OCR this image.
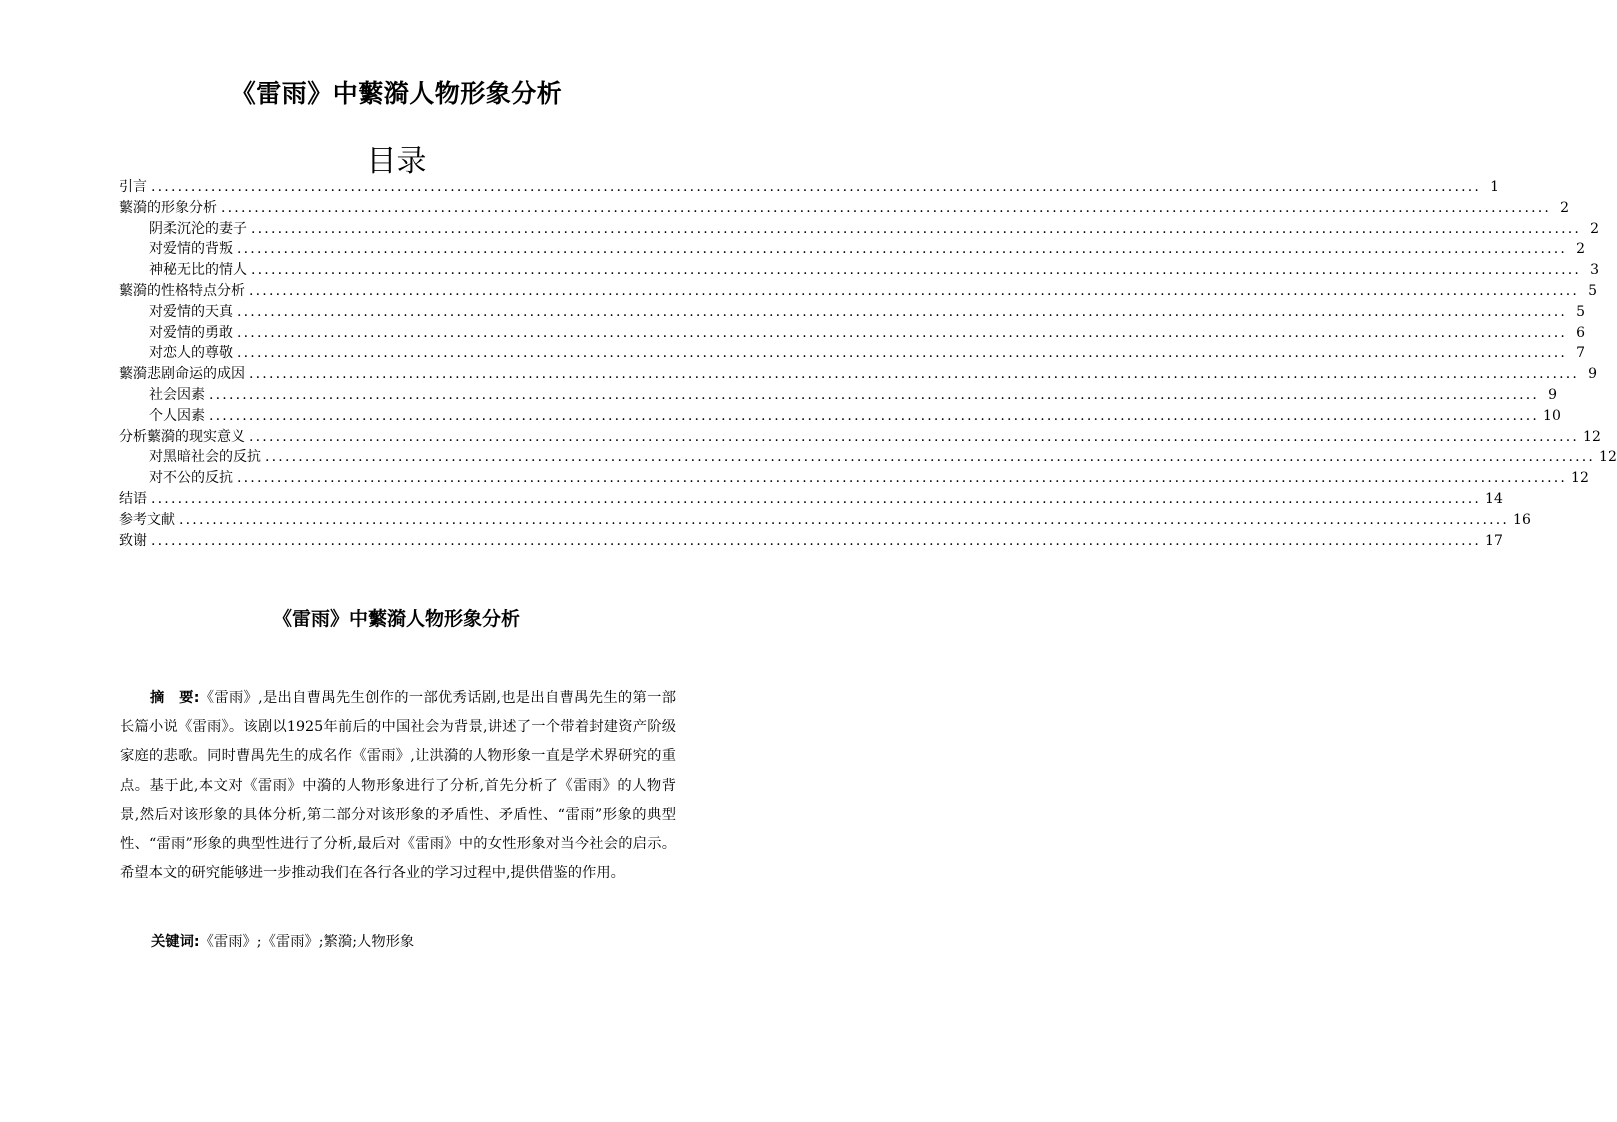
《雷雨》中蘩漪人物形象分析
目录
引言 ........................................................................................................................................................................................................ 1
蘩漪的形象分析 ........................................................................................................................................................................................................ 2
阴柔沉沦的妻子 ........................................................................................................................................................................................................ 2
对爱情的背叛 ........................................................................................................................................................................................................ 2
神秘无比的情人 ........................................................................................................................................................................................................ 3
蘩漪的性格特点分析 ........................................................................................................................................................................................................ 5
对爱情的天真 ........................................................................................................................................................................................................ 5
对爱情的勇敢 ........................................................................................................................................................................................................ 6
对恋人的尊敬 ........................................................................................................................................................................................................ 7
蘩漪悲剧命运的成因 ........................................................................................................................................................................................................ 9
社会因素 ........................................................................................................................................................................................................ 9
个人因素 ........................................................................................................................................................................................................ 10
分析蘩漪的现实意义 ........................................................................................................................................................................................................ 12
对黑暗社会的反抗 ........................................................................................................................................................................................................ 12
对不公的反抗 ........................................................................................................................................................................................................ 12
结语 ........................................................................................................................................................................................................ 14
参考文献 ........................................................................................................................................................................................................ 16
致谢 ........................................................................................................................................................................................................ 17
《雷雨》中蘩漪人物形象分析

摘　要:《雷雨》,是出自曹禺先生创作的一部优秀话剧,也是出自曹禺先生的第一部长篇小说《雷雨》。该剧以1925年前后的中国社会为背景,讲述了一个带着封建资产阶级家庭的悲歌。同时曹禺先生的成名作《雷雨》,让洪漪的人物形象一直是学术界研究的重点。基于此,本文对《雷雨》中漪的人物形象进行了分析,首先分析了《雷雨》的人物背景,然后对该形象的具体分析,第二部分对该形象的矛盾性、矛盾性、“雷雨”形象的典型性、“雷雨”形象的典型性进行了分析,最后对《雷雨》中的女性形象对当今社会的启示。希望本文的研究能够进一步推动我们在各行各业的学习过程中,提供借鉴的作用。

关键词:《雷雨》;《雷雨》;繁漪;人物形象
